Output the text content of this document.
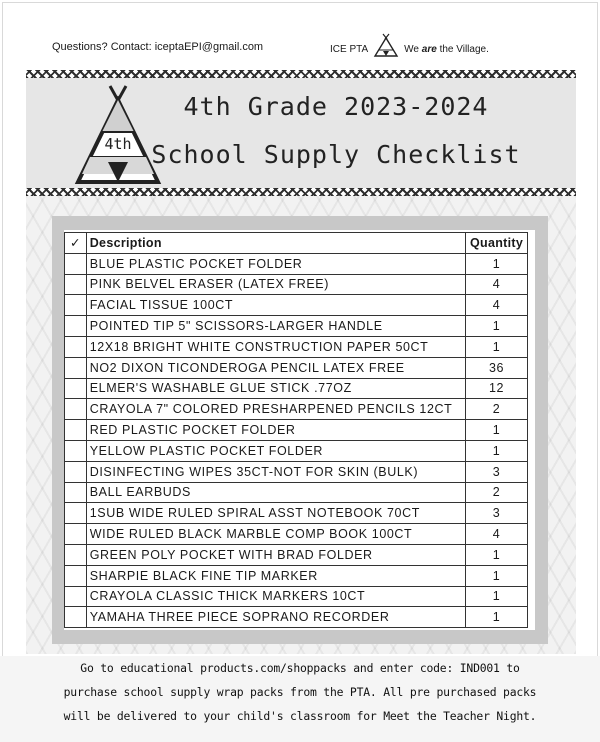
Questions? Contact: iceptaEPI@gmail.com	ICE PTA	We are the Village.
4th
4th Grade 2023-2024
School Supply Checklist
✓	Description	Quantity
	BLUE PLASTIC POCKET FOLDER	1
	PINK BELVEL ERASER (LATEX FREE)	4
	FACIAL TISSUE 100CT	4
	POINTED TIP 5" SCISSORS-LARGER HANDLE	1
	12X18 BRIGHT WHITE CONSTRUCTION PAPER 50CT	1
	NO2 DIXON TICONDEROGA PENCIL LATEX FREE	36
	ELMER'S WASHABLE GLUE STICK .77OZ	12
	CRAYOLA 7" COLORED PRESHARPENED PENCILS 12CT	2
	RED PLASTIC POCKET FOLDER	1
	YELLOW PLASTIC POCKET FOLDER	1
	DISINFECTING WIPES 35CT-NOT FOR SKIN (BULK)	3
	BALL EARBUDS	2
	1SUB WIDE RULED SPIRAL ASST NOTEBOOK 70CT	3
	WIDE RULED BLACK MARBLE COMP BOOK 100CT	4
	GREEN POLY POCKET WITH BRAD FOLDER	1
	SHARPIE BLACK FINE TIP MARKER	1
	CRAYOLA CLASSIC THICK MARKERS 10CT	1
	YAMAHA THREE PIECE SOPRANO RECORDER	1

Go to educational products.com/shoppacks and enter code: IND001 to

purchase school supply wrap packs from the PTA. All pre purchased packs

will be delivered to your child's classroom for Meet the Teacher Night.
